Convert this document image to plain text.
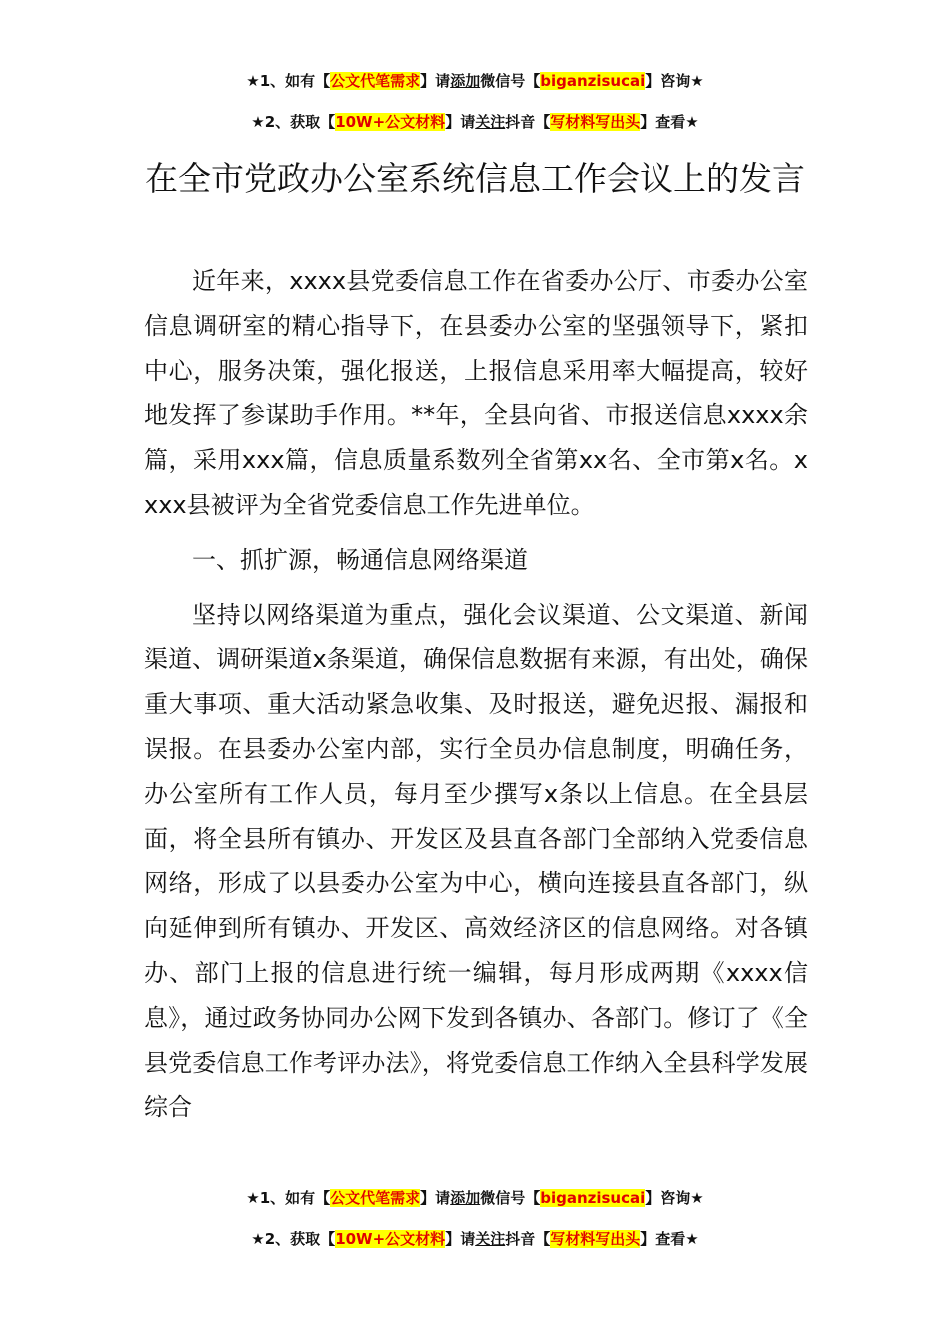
★1、如有【公文代笔需求】请添加微信号【biganzisucai】咨询★
★2、获取【10W+公文材料】请关注抖音【写材料写出头】查看★
在全市党政办公室系统信息工作会议上的发言

近年来，xxxx县党委信息工作在省委办公厅、市委办公室信息调研室的精心指导下，在县委办公室的坚强领导下，紧扣中心，服务决策，强化报送，上报信息采用率大幅提高，较好地发挥了参谋助手作用。**年，全县向省、市报送信息xxxx余篇，采用xxx篇，信息质量系数列全省第xx名、全市第x名。xxxx县被评为全省党委信息工作先进单位。

一、抓扩源，畅通信息网络渠道

坚持以网络渠道为重点，强化会议渠道、公文渠道、新闻渠道、调研渠道x条渠道，确保信息数据有来源，有出处，确保重大事项、重大活动紧急收集、及时报送，避免迟报、漏报和误报。在县委办公室内部，实行全员办信息制度，明确任务，办公室所有工作人员，每月至少撰写x条以上信息。在全县层面，将全县所有镇办、开发区及县直各部门全部纳入党委信息网络，形成了以县委办公室为中心，横向连接县直各部门，纵向延伸到所有镇办、开发区、高效经济区的信息网络。对各镇办、部门上报的信息进行统一编辑，每月形成两期《xxxx信息》，通过政务协同办公网下发到各镇办、各部门。修订了《全县党委信息工作考评办法》，将党委信息工作纳入全县科学发展综合

★1、如有【公文代笔需求】请添加微信号【biganzisucai】咨询★
★2、获取【10W+公文材料】请关注抖音【写材料写出头】查看★
